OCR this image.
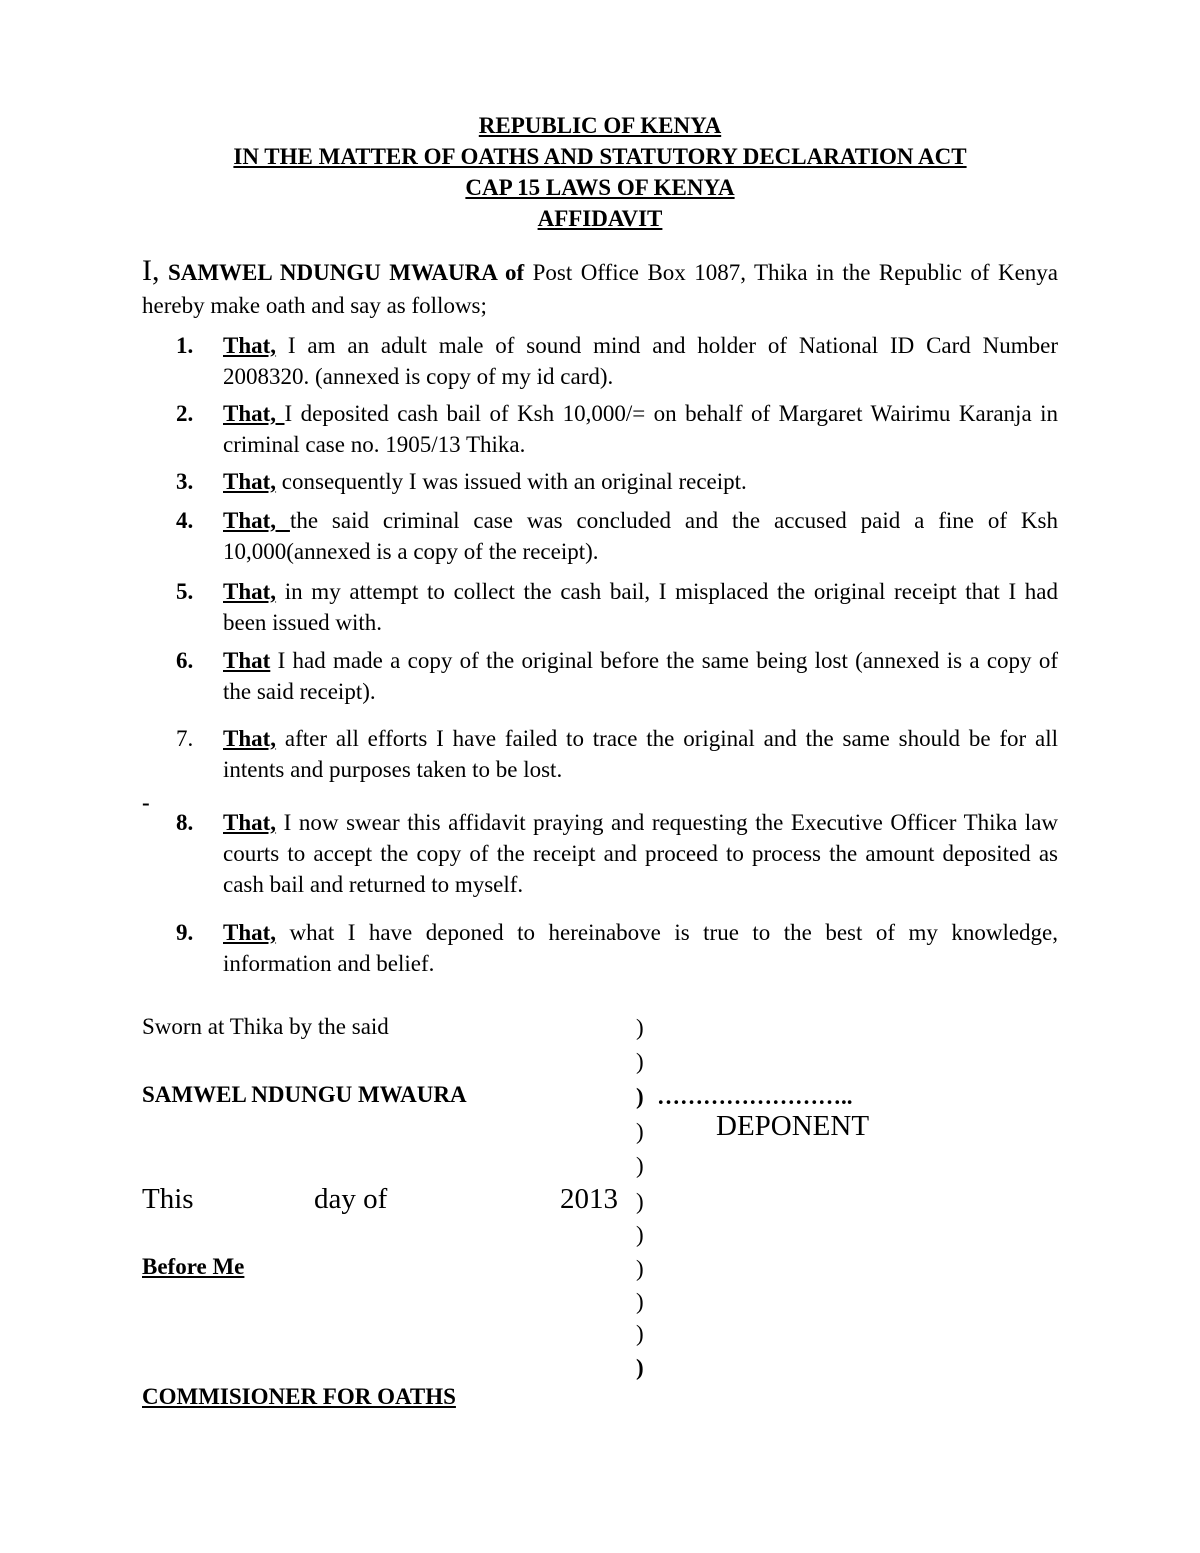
REPUBLIC OF KENYA
IN THE MATTER OF OATHS AND STATUTORY DECLARATION ACT
CAP 15 LAWS OF KENYA
AFFIDAVIT
I, SAMWEL NDUNGU MWAURA of Post Office Box 1087, Thika in the Republic of Kenya hereby make oath and say as follows;
1. That, I am an adult male of sound mind and holder of National ID Card Number 2008320. (annexed is copy of my id card).
2. That, I deposited cash bail of Ksh 10,000/= on behalf of Margaret Wairimu Karanja in criminal case no. 1905/13 Thika.
3. That, consequently I was issued with an original receipt.
4. That, the said criminal case was concluded and the accused paid a fine of Ksh 10,000(annexed is a copy of the receipt).
5. That, in my attempt to collect the cash bail, I misplaced the original receipt that I had been issued with.
6. That I had made a copy of the original before the same being lost (annexed is a copy of the said receipt).
7. That, after all efforts I have failed to trace the original and the same should be for all intents and purposes taken to be lost.
-
8. That, I now swear this affidavit praying and requesting the Executive Officer Thika law courts to accept the copy of the receipt and proceed to process the amount deposited as cash bail and returned to myself.
9. That, what I have deponed to hereinabove is true to the best of my knowledge, information and belief.
Sworn at Thika by the said
SAMWEL NDUNGU MWAURA	……………………..
DEPONENT
This	day of	2013
Before Me
COMMISIONER FOR OATHS
)
)
)
)
)
)
)
)
)
)
)
